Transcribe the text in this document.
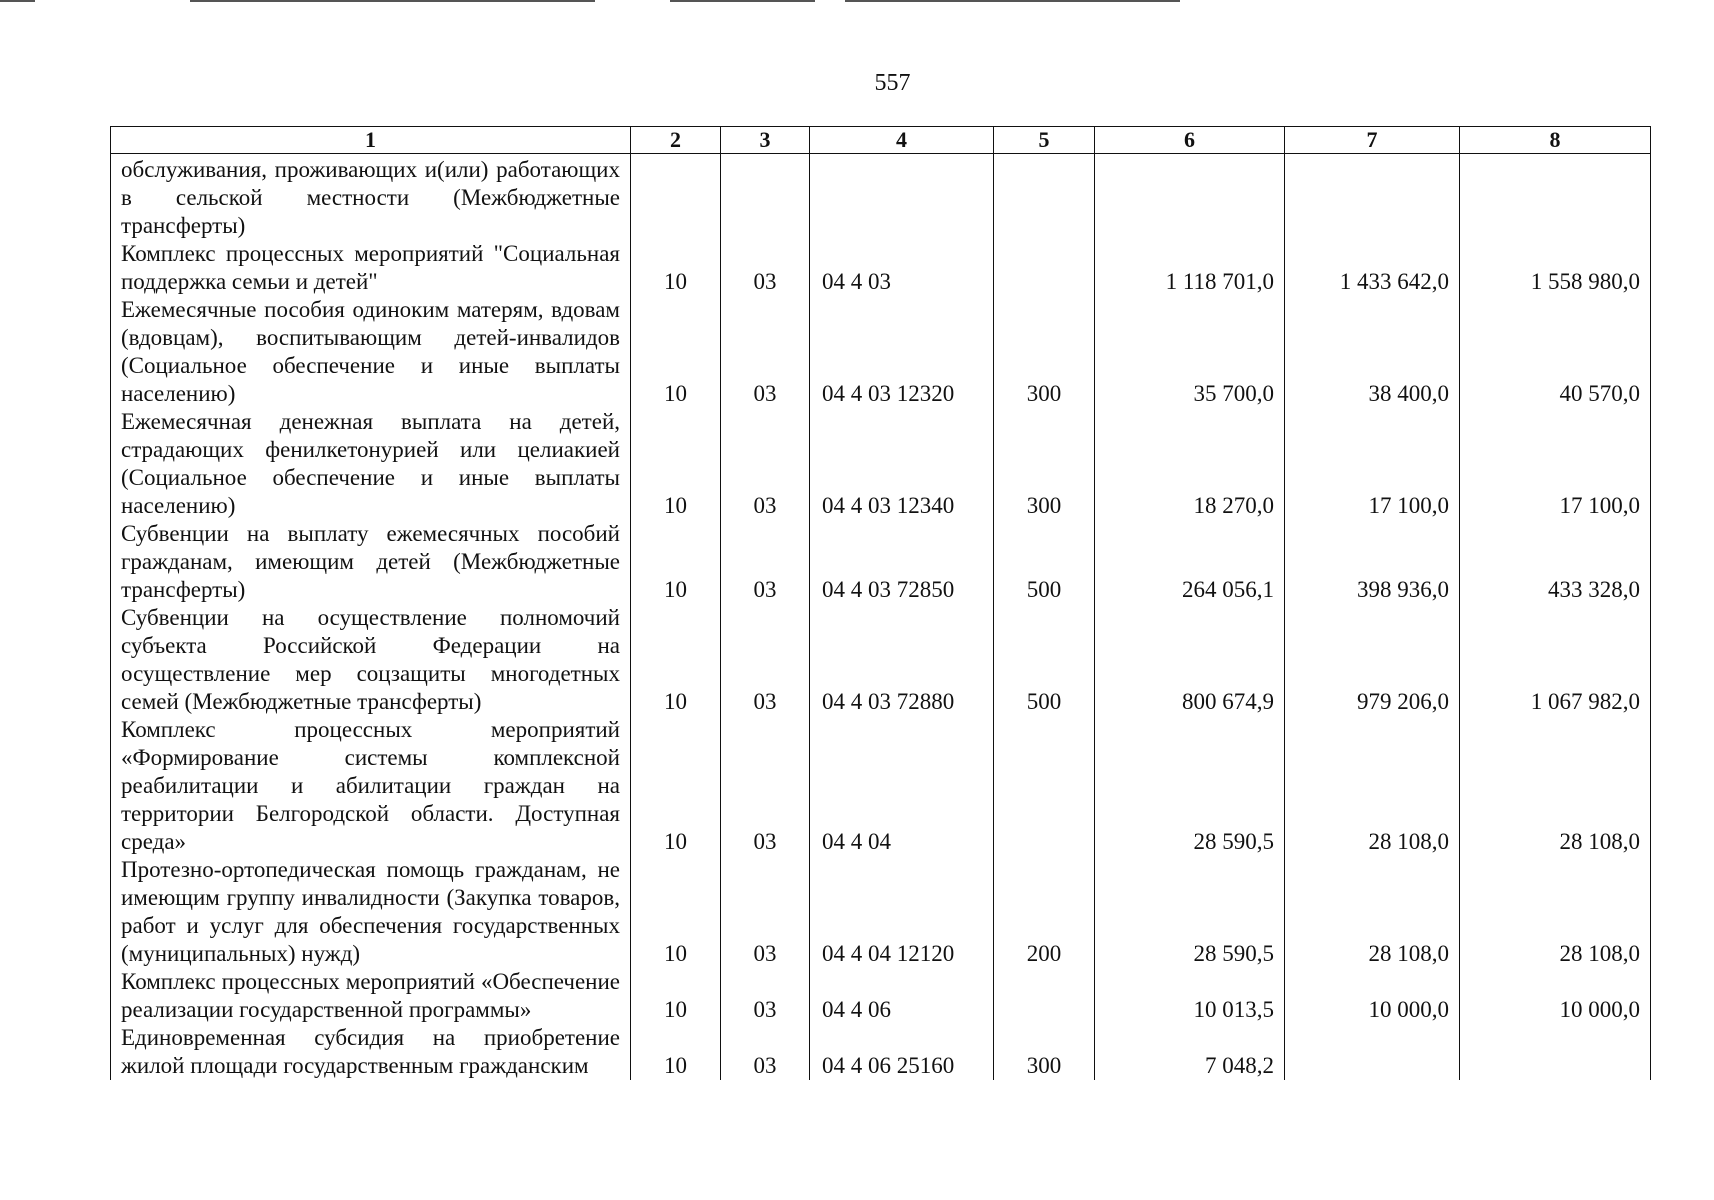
557
1	2	3	4	5	6	7	8
обслуживания, проживающих и(или) работающих в сельской местности (Межбюджетные трансферты)							
Комплекс процессных мероприятий "Социальная поддержка семьи и детей"	10	03	04 4 03		1 118 701,0	1 433 642,0	1 558 980,0
Ежемесячные пособия одиноким матерям, вдовам (вдовцам), воспитывающим детей-инвалидов (Социальное обеспечение и иные выплаты населению)	10	03	04 4 03 12320	300	35 700,0	38 400,0	40 570,0
Ежемесячная денежная выплата на детей, страдающих фенилкетонурией или целиакией (Социальное обеспечение и иные выплаты населению)	10	03	04 4 03 12340	300	18 270,0	17 100,0	17 100,0
Субвенции на выплату ежемесячных пособий гражданам, имеющим детей (Межбюджетные трансферты)	10	03	04 4 03 72850	500	264 056,1	398 936,0	433 328,0
Субвенции на осуществление полномочий субъекта Российской Федерации на осуществление мер соцзащиты многодетных семей (Межбюджетные трансферты)	10	03	04 4 03 72880	500	800 674,9	979 206,0	1 067 982,0
Комплекс процессных мероприятий «Формирование системы комплексной реабилитации и абилитации граждан на территории Белгородской области. Доступная среда»	10	03	04 4 04		28 590,5	28 108,0	28 108,0
Протезно-ортопедическая помощь гражданам, не имеющим группу инвалидности (Закупка товаров, работ и услуг для обеспечения государственных (муниципальных) нужд)	10	03	04 4 04 12120	200	28 590,5	28 108,0	28 108,0
Комплекс процессных мероприятий «Обеспечение реализации государственной программы»	10	03	04 4 06		10 013,5	10 000,0	10 000,0
Единовременная субсидия на приобретение жилой площади государственным гражданским	10	03	04 4 06 25160	300	7 048,2		
